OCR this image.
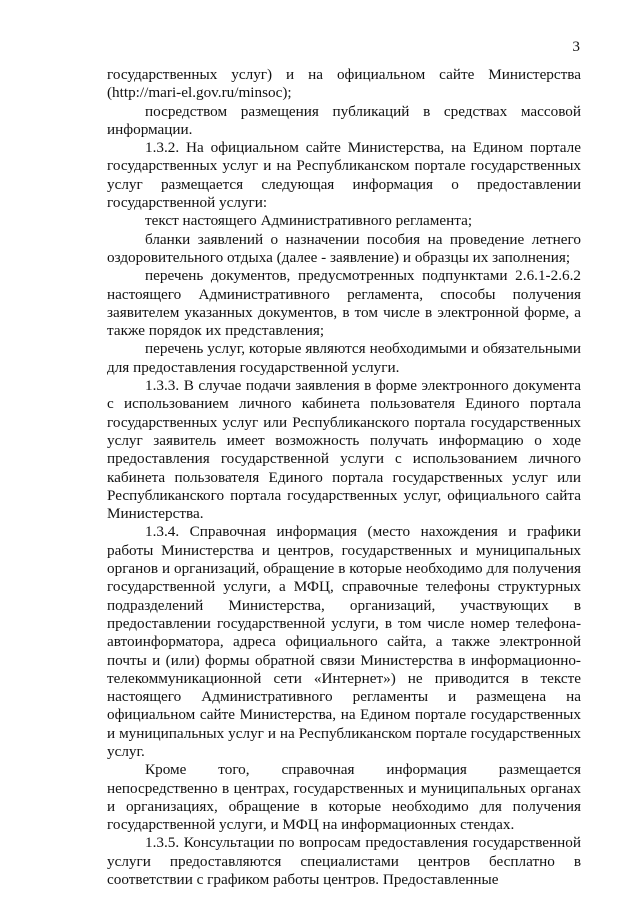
3

государственных услуг) и на официальном сайте Министерства (http://mari-el.gov.ru/minsoc);

посредством размещения публикаций в средствах массовой информации.

1.3.2. На официальном сайте Министерства, на Едином портале государственных услуг и на Республиканском портале государственных услуг размещается следующая информация о предоставлении государственной услуги:

текст настоящего Административного регламента;

бланки заявлений о назначении пособия на проведение летнего оздоровительного отдыха (далее - заявление) и образцы их заполнения;

перечень документов, предусмотренных подпунктами 2.6.1-2.6.2 настоящего Административного регламента, способы получения заявителем указанных документов, в том числе в электронной форме, а также порядок их представления;

перечень услуг, которые являются необходимыми и обязательными для предоставления государственной услуги.

1.3.3. В случае подачи заявления в форме электронного документа с использованием личного кабинета пользователя Единого портала государственных услуг или Республиканского портала государственных услуг заявитель имеет возможность получать информацию о ходе предоставления государственной услуги с использованием личного кабинета пользователя Единого портала государственных услуг или Республиканского портала государственных услуг, официального сайта Министерства.

1.3.4. Справочная информация (место нахождения и графики работы Министерства и центров, государственных и муниципальных органов и организаций, обращение в которые необходимо для получения государственной услуги, а МФЦ, справочные телефоны структурных подразделений Министерства, организаций, участвующих в предоставлении государственной услуги, в том числе номер телефона-автоинформатора, адреса официального сайта, а также электронной почты и (или) формы обратной связи Министерства в информационно-телекоммуникационной сети «Интернет») не приводится в тексте настоящего Административного регламенты и размещена на официальном сайте Министерства, на Едином портале государственных и муниципальных услуг и на Республиканском портале государственных услуг.

Кроме того, справочная информация размещается непосредственно в центрах, государственных и муниципальных органах и организациях, обращение в которые необходимо для получения государственной услуги, и МФЦ на информационных стендах.

1.3.5. Консультации по вопросам предоставления государственной услуги предоставляются специалистами центров бесплатно в соответствии с графиком работы центров. Предоставленные
